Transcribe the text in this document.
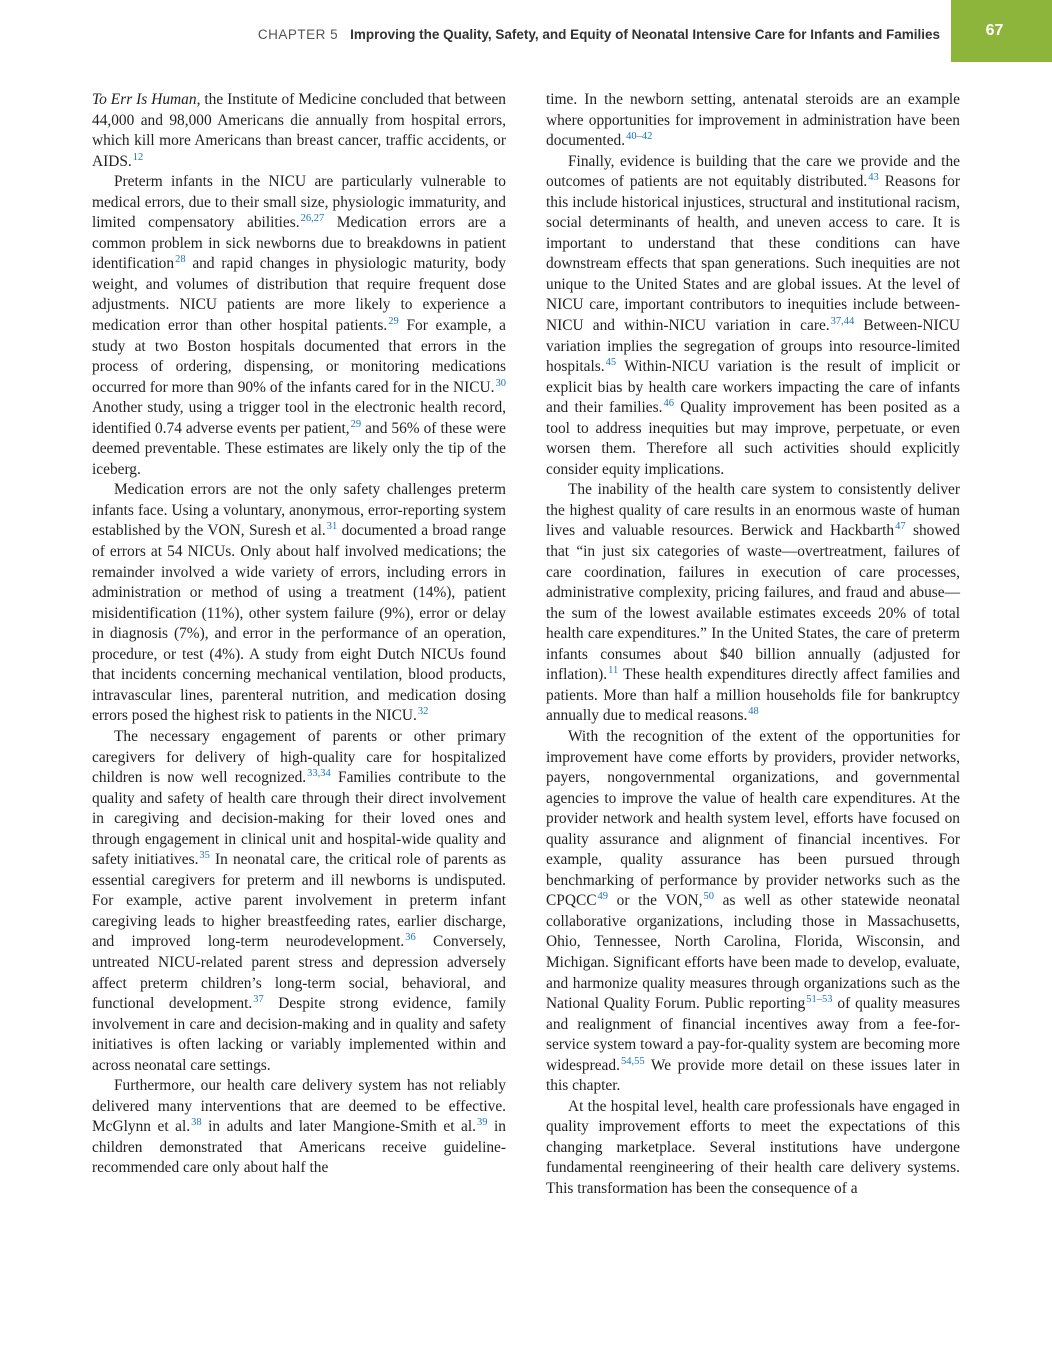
CHAPTER 5 Improving the Quality, Safety, and Equity of Neonatal Intensive Care for Infants and Families	67

To Err Is Human, the Institute of Medicine concluded that between 44,000 and 98,000 Americans die annually from hospital errors, which kill more Americans than breast cancer, traffic accidents, or AIDS.$^{12}$

Preterm infants in the NICU are particularly vulnerable to medical errors, due to their small size, physiologic immaturity, and limited compensatory abilities.$^{26,27}$ Medication errors are a common problem in sick newborns due to breakdowns in patient identification$^{28}$ and rapid changes in physiologic maturity, body weight, and volumes of distribution that require frequent dose adjustments. NICU patients are more likely to experience a medication error than other hospital patients.$^{29}$ For example, a study at two Boston hospitals documented that errors in the process of ordering, dispensing, or monitoring medications occurred for more than 90% of the infants cared for in the NICU.$^{30}$ Another study, using a trigger tool in the electronic health record, identified 0.74 adverse events per patient,$^{29}$ and 56% of these were deemed preventable. These estimates are likely only the tip of the iceberg.

Medication errors are not the only safety challenges preterm infants face. Using a voluntary, anonymous, error-reporting system established by the VON, Suresh et al.$^{31}$ documented a broad range of errors at 54 NICUs. Only about half involved medications; the remainder involved a wide variety of errors, including errors in administration or method of using a treatment (14%), patient misidentification (11%), other system failure (9%), error or delay in diagnosis (7%), and error in the performance of an operation, procedure, or test (4%). A study from eight Dutch NICUs found that incidents concerning mechanical ventilation, blood products, intravascular lines, parenteral nutrition, and medication dosing errors posed the highest risk to patients in the NICU.$^{32}$

The necessary engagement of parents or other primary caregivers for delivery of high-quality care for hospitalized children is now well recognized.$^{33,34}$ Families contribute to the quality and safety of health care through their direct involvement in caregiving and decision-making for their loved ones and through engagement in clinical unit and hospital-wide quality and safety initiatives.$^{35}$ In neonatal care, the critical role of parents as essential caregivers for preterm and ill newborns is undisputed. For example, active parent involvement in preterm infant caregiving leads to higher breastfeeding rates, earlier discharge, and improved long-term neurodevelopment.$^{36}$ Conversely, untreated NICU-related parent stress and depression adversely affect preterm children’s long-term social, behavioral, and functional development.$^{37}$ Despite strong evidence, family involvement in care and decision-making and in quality and safety initiatives is often lacking or variably implemented within and across neonatal care settings.

Furthermore, our health care delivery system has not reliably delivered many interventions that are deemed to be effective. McGlynn et al.$^{38}$ in adults and later Mangione-Smith et al.$^{39}$ in children demonstrated that Americans receive guideline-recommended care only about half the

time. In the newborn setting, antenatal steroids are an example where opportunities for improvement in administration have been documented.$^{40-42}$

Finally, evidence is building that the care we provide and the outcomes of patients are not equitably distributed.$^{43}$ Reasons for this include historical injustices, structural and institutional racism, social determinants of health, and uneven access to care. It is important to understand that these conditions can have downstream effects that span generations. Such inequities are not unique to the United States and are global issues. At the level of NICU care, important contributors to inequities include between-NICU and within-NICU variation in care.$^{37,44}$ Between-NICU variation implies the segregation of groups into resource-limited hospitals.$^{45}$ Within-NICU variation is the result of implicit or explicit bias by health care workers impacting the care of infants and their families.$^{46}$ Quality improvement has been posited as a tool to address inequities but may improve, perpetuate, or even worsen them. Therefore all such activities should explicitly consider equity implications.

The inability of the health care system to consistently deliver the highest quality of care results in an enormous waste of human lives and valuable resources. Berwick and Hackbarth$^{47}$ showed that “in just six categories of waste—overtreatment, failures of care coordination, failures in execution of care processes, administrative complexity, pricing failures, and fraud and abuse—the sum of the lowest available estimates exceeds 20% of total health care expenditures.” In the United States, the care of preterm infants consumes about $40 billion annually (adjusted for inflation).$^{11}$ These health expenditures directly affect families and patients. More than half a million households file for bankruptcy annually due to medical reasons.$^{48}$

With the recognition of the extent of the opportunities for improvement have come efforts by providers, provider networks, payers, nongovernmental organizations, and governmental agencies to improve the value of health care expenditures. At the provider network and health system level, efforts have focused on quality assurance and alignment of financial incentives. For example, quality assurance has been pursued through benchmarking of performance by provider networks such as the CPQCC$^{49}$ or the VON,$^{50}$ as well as other statewide neonatal collaborative organizations, including those in Massachusetts, Ohio, Tennessee, North Carolina, Florida, Wisconsin, and Michigan. Significant efforts have been made to develop, evaluate, and harmonize quality measures through organizations such as the National Quality Forum. Public reporting$^{51-53}$ of quality measures and realignment of financial incentives away from a fee-for-service system toward a pay-for-quality system are becoming more widespread.$^{54,55}$ We provide more detail on these issues later in this chapter.

At the hospital level, health care professionals have engaged in quality improvement efforts to meet the expectations of this changing marketplace. Several institutions have undergone fundamental reengineering of their health care delivery systems. This transformation has been the consequence of a
